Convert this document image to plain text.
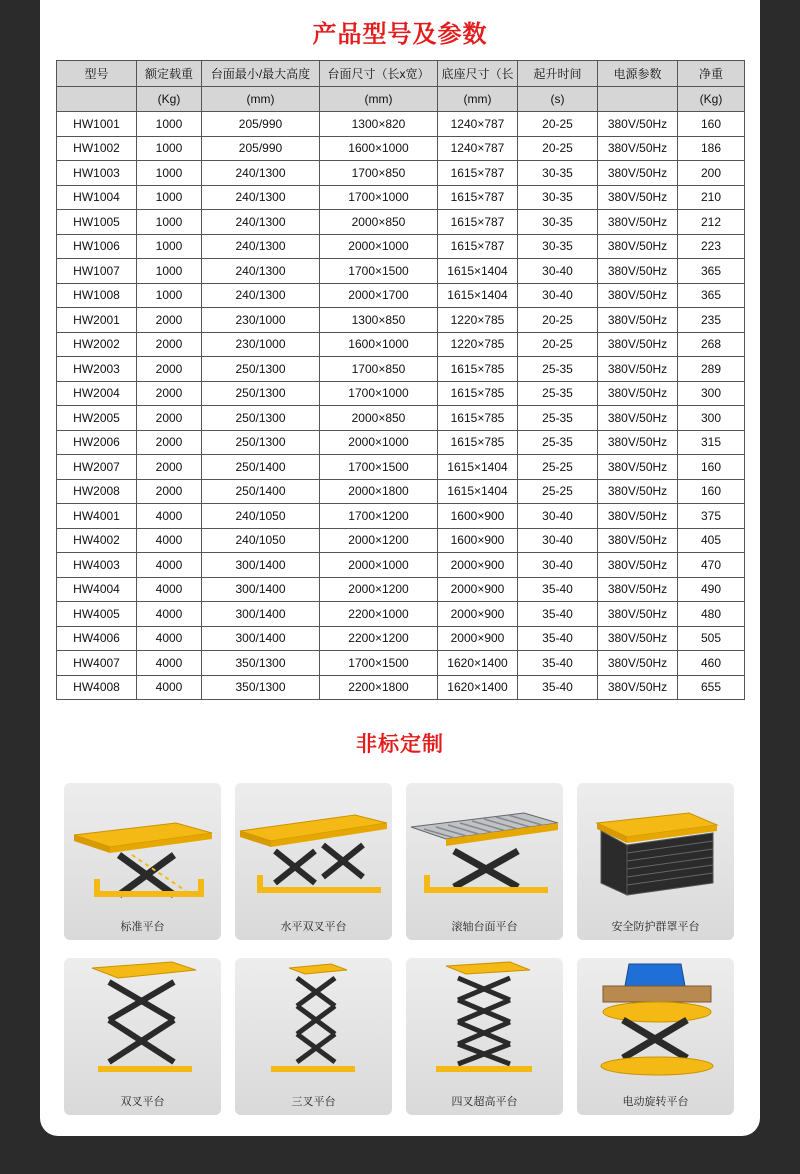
产品型号及参数
型号	额定载重	台面最小/最大高度	台面尺寸（长x宽）	底座尺寸（长	起升时间	电源参数	净重
	(Kg)	(mm)	(mm)	(mm)	(s)		(Kg)
HW1001	1000	205/990	1300×820	1240×787	20-25	380V/50Hz	160
HW1002	1000	205/990	1600×1000	1240×787	20-25	380V/50Hz	186
HW1003	1000	240/1300	1700×850	1615×787	30-35	380V/50Hz	200
HW1004	1000	240/1300	1700×1000	1615×787	30-35	380V/50Hz	210
HW1005	1000	240/1300	2000×850	1615×787	30-35	380V/50Hz	212
HW1006	1000	240/1300	2000×1000	1615×787	30-35	380V/50Hz	223
HW1007	1000	240/1300	1700×1500	1615×1404	30-40	380V/50Hz	365
HW1008	1000	240/1300	2000×1700	1615×1404	30-40	380V/50Hz	365
HW2001	2000	230/1000	1300×850	1220×785	20-25	380V/50Hz	235
HW2002	2000	230/1000	1600×1000	1220×785	20-25	380V/50Hz	268
HW2003	2000	250/1300	1700×850	1615×785	25-35	380V/50Hz	289
HW2004	2000	250/1300	1700×1000	1615×785	25-35	380V/50Hz	300
HW2005	2000	250/1300	2000×850	1615×785	25-35	380V/50Hz	300
HW2006	2000	250/1300	2000×1000	1615×785	25-35	380V/50Hz	315
HW2007	2000	250/1400	1700×1500	1615×1404	25-25	380V/50Hz	160
HW2008	2000	250/1400	2000×1800	1615×1404	25-25	380V/50Hz	160
HW4001	4000	240/1050	1700×1200	1600×900	30-40	380V/50Hz	375
HW4002	4000	240/1050	2000×1200	1600×900	30-40	380V/50Hz	405
HW4003	4000	300/1400	2000×1000	2000×900	30-40	380V/50Hz	470
HW4004	4000	300/1400	2000×1200	2000×900	35-40	380V/50Hz	490
HW4005	4000	300/1400	2200×1000	2000×900	35-40	380V/50Hz	480
HW4006	4000	300/1400	2200×1200	2000×900	35-40	380V/50Hz	505
HW4007	4000	350/1300	1700×1500	1620×1400	35-40	380V/50Hz	460
HW4008	4000	350/1300	2200×1800	1620×1400	35-40	380V/50Hz	655
非标定制
标准平台	水平双叉平台	滚轴台面平台	安全防护群罩平台
双叉平台	三叉平台	四叉超高平台	电动旋转平台
